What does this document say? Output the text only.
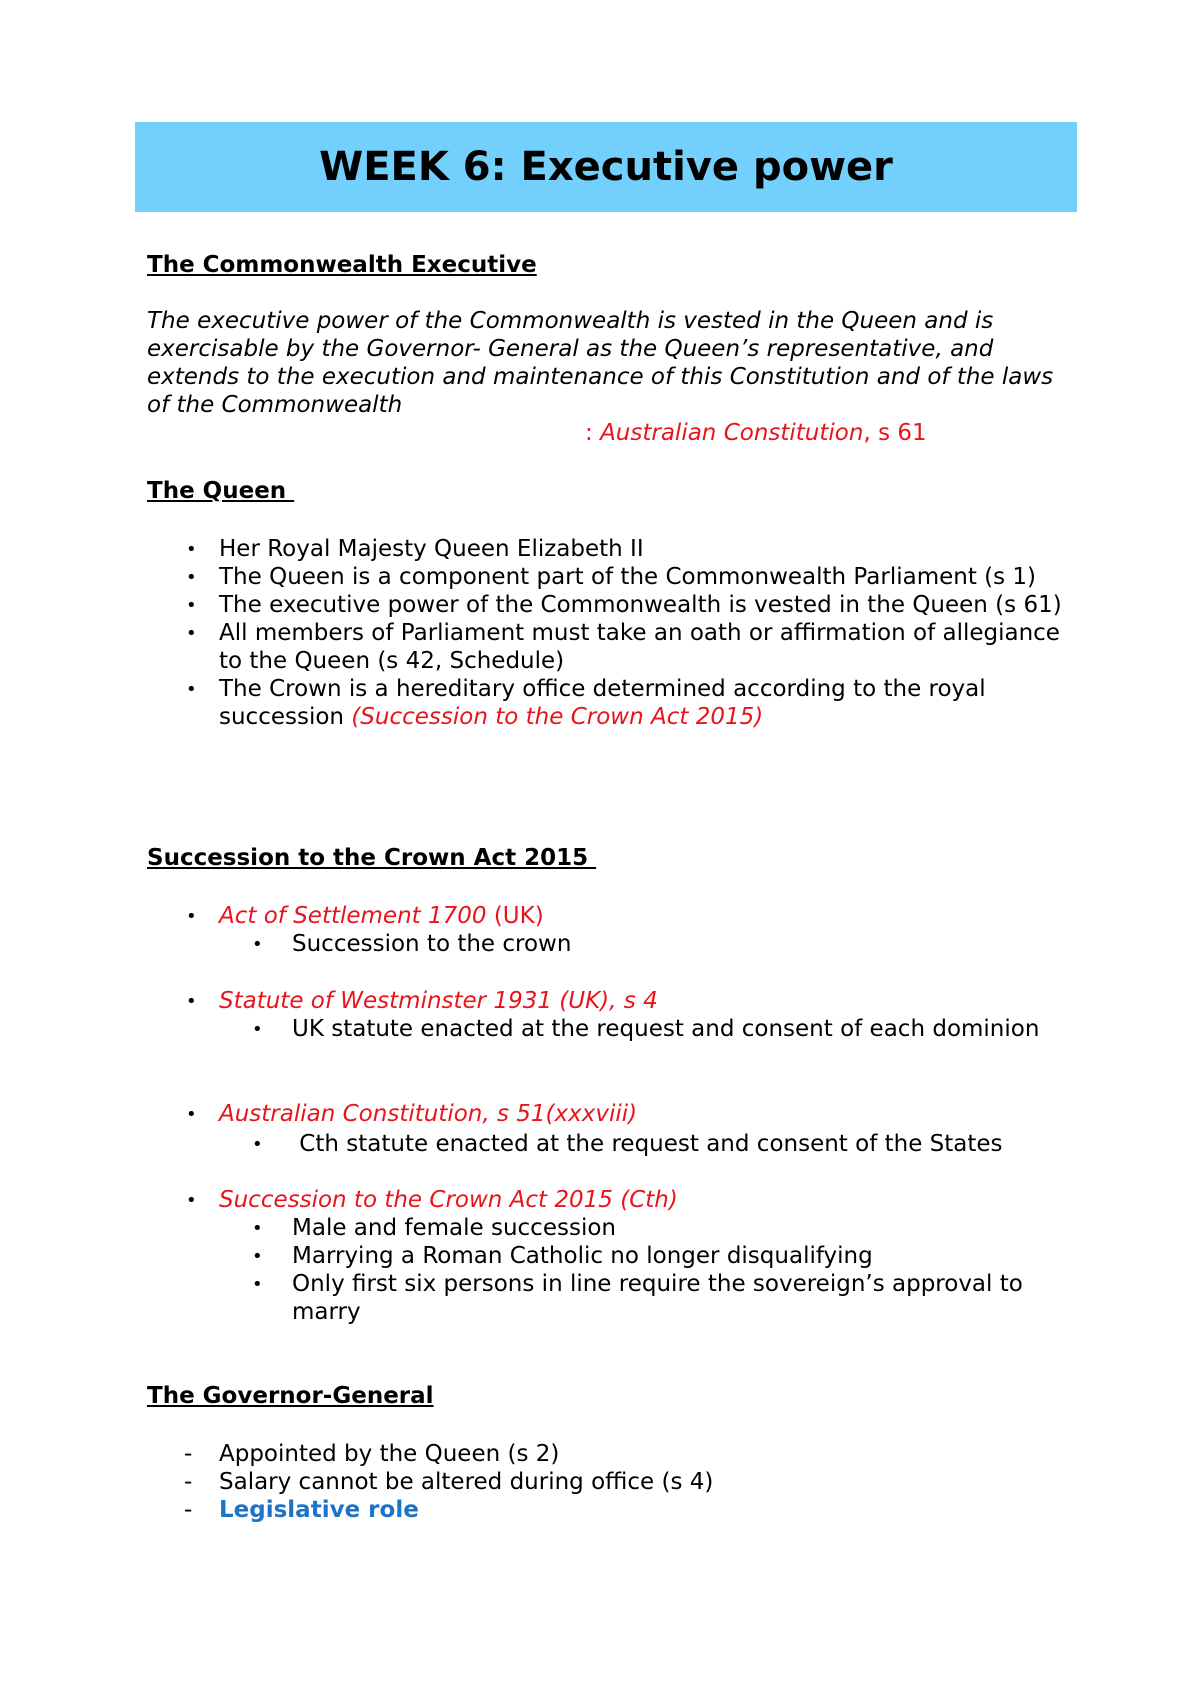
WEEK 6: Executive power
The Commonwealth Executive

The executive power of the Commonwealth is vested in the Queen and is exercisable by the Governor- General as the Queen’s representative, and extends to the execution and maintenance of this Constitution and of the laws of the Commonwealth

: Australian Constitution, s 61
The Queen
• Her Royal Majesty Queen Elizabeth II
• The Queen is a component part of the Commonwealth Parliament (s 1)
• The executive power of the Commonwealth is vested in the Queen (s 61)
• All members of Parliament must take an oath or affirmation of allegiance to the Queen (s 42, Schedule)
• The Crown is a hereditary office determined according to the royal succession (Succession to the Crown Act 2015)
Succession to the Crown Act 2015
• Act of Settlement 1700 (UK)
• Succession to the crown
• Statute of Westminster 1931 (UK), s 4
• UK statute enacted at the request and consent of each dominion
• Australian Constitution, s 51(xxxviii)
• Cth statute enacted at the request and consent of the States
• Succession to the Crown Act 2015 (Cth)
• Male and female succession
• Marrying a Roman Catholic no longer disqualifying
• Only first six persons in line require the sovereign’s approval to marry
The Governor-General
- Appointed by the Queen (s 2)
- Salary cannot be altered during office (s 4)
- Legislative role
